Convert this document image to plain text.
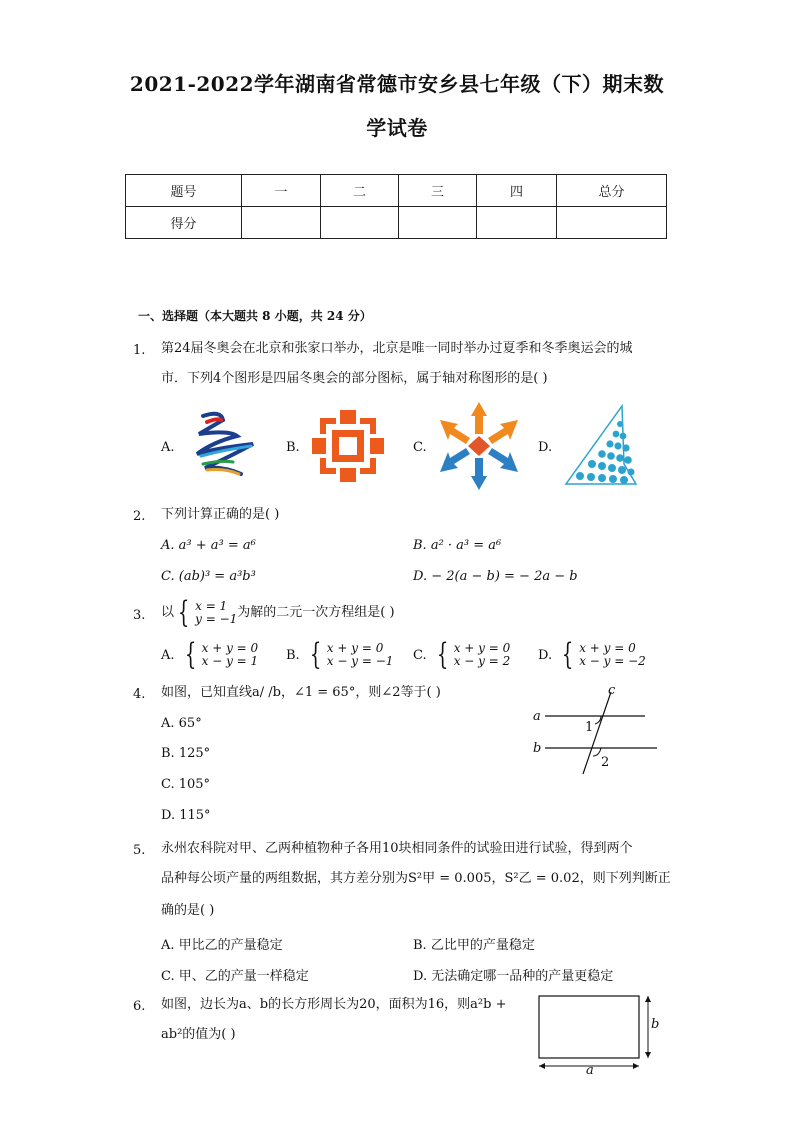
2021-2022学年湖南省常德市安乡县七年级（下）期末数
学试卷
题号	一	二	三	四	总分
得分					
一、选择题（本大题共 8 小题，共 24 分）
1. 第24届冬奥会在北京和张家口举办，北京是唯一同时举办过夏季和冬季奥运会的城
市．下列4个图形是四届冬奥会的部分图标，属于轴对称图形的是( )
A.	B.	C.	D.
2. 下列计算正确的是( )
A. a³ + a³ = a⁶	B. a² · a³ = a⁶
C. (ab)³ = a³b³	D. − 2(a − b) = − 2a − b
3. 以 { x = 1
y = −1 为解的二元一次方程组是( )
A. { x + y = 0
x − y = 1 B. { x + y = 0
x − y = −1 C. { x + y = 0
x − y = 2 D. { x + y = 0
x − y = −2
4. 如图，已知直线a/ /b，∠1 = 65°，则∠2等于( )
A. 65°
B. 125°
C. 105°
D. 115°
a
b
c
1
2
5. 永州农科院对甲、乙两种植物种子各用10块相同条件的试验田进行试验，得到两个
品种每公顷产量的两组数据，其方差分别为S²甲 = 0.005，S²乙 = 0.02，则下列判断正
确的是( )
A. 甲比乙的产量稳定	B. 乙比甲的产量稳定
C. 甲、乙的产量一样稳定	D. 无法确定哪一品种的产量更稳定
6. 如图，边长为a、b的长方形周长为20，面积为16，则a²b +
ab²的值为( )
b
a
